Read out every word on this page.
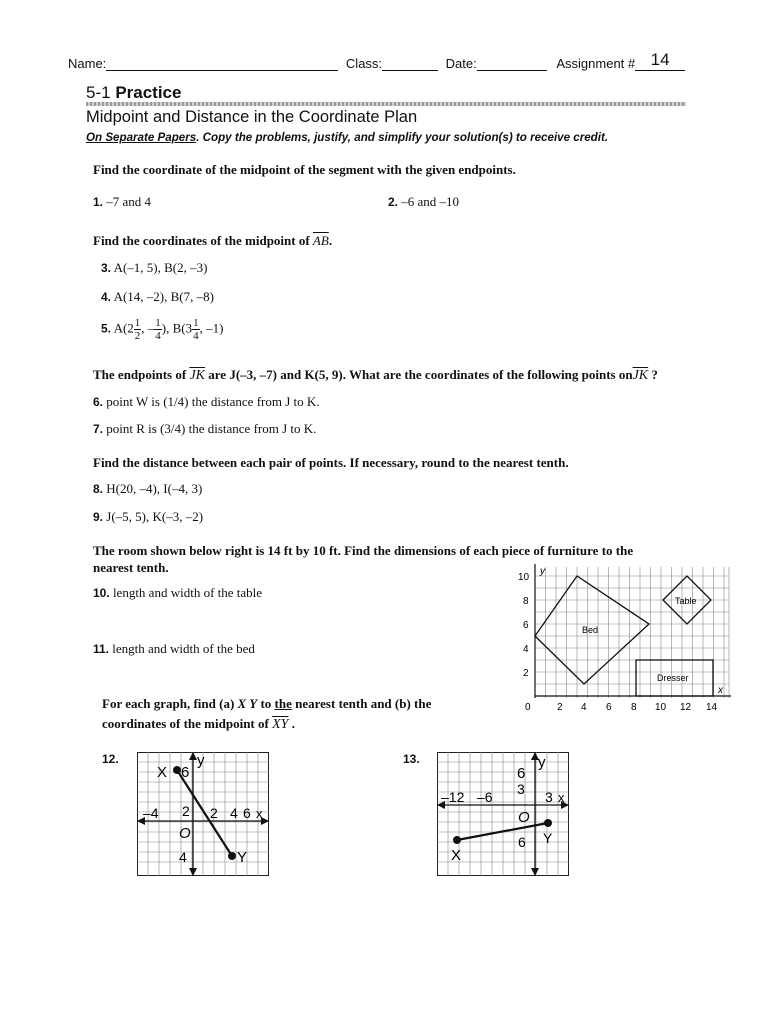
Name:	Class:	Date:	Assignment # 14
5-1 Practice
Midpoint and Distance in the Coordinate Plan
On Separate Papers. Copy the problems, justify, and simplify your solution(s) to receive credit.
Find the coordinate of the midpoint of the segment with the given endpoints.
1. –7 and 4	2. –6 and –10
Find the coordinates of the midpoint of $\overline{AB}$.
3. A(–1, 5), B(2, –3)
4. A(14, –2), B(7, –8)
5. $A(2 \frac{1}{2}$ , – $\frac{1}{4}$ ), $B(3 \frac{1}{4}$ , –1)
The endpoints of $\overline{JK}$ are J(–3, –7) and K(5, 9). What are the coordinates of the following points $on\overline{JK}$ ?
6. point W is (1/4) the distance from J to K.
7. point R is (3/4) the distance from J to K.
Find the distance between each pair of points. If necessary, round to the nearest tenth.
8. H(20, –4), I(–4, 3)
9. J(–5, 5), K(–3, –2)
The room shown below right is 14 ft by 10 ft. Find the dimensions of each piece of furniture to the
nearest tenth.
10. length and width of the table
11. length and width of the bed
y
x
10
8
6
4
2
0	2 4 6 8 10 12 14
Bed
Table
Dresser
For each graph, find (a) X Y to the nearest tenth and (b) the
coordinates of the midpoint of $\overline{XY}$ .
12.
X 6
y
2
–4	2 4 6 x
O
4	Y
13.
6
y
3
–12 –6	3 x
O
6 Y
X
